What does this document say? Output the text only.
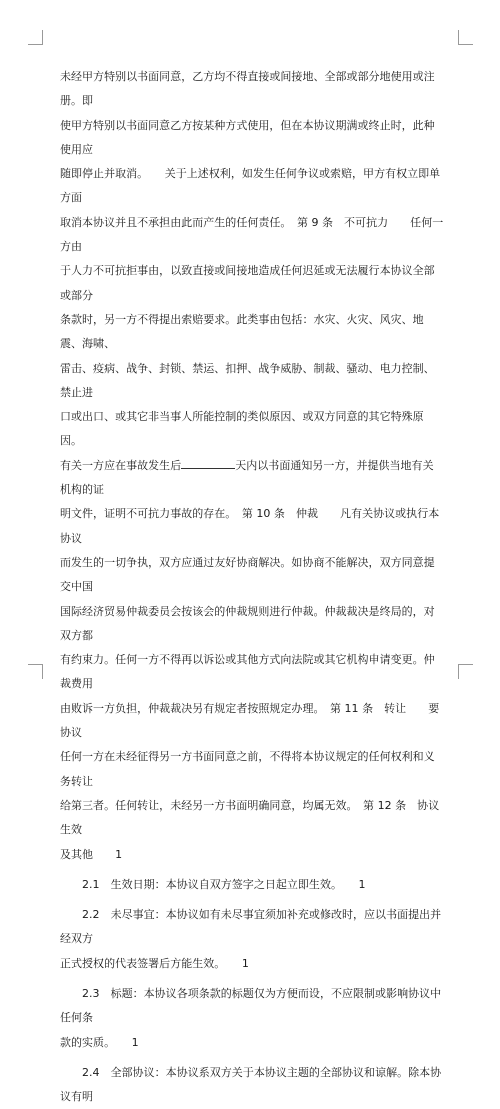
未经甲方特别以书面同意，乙方均不得直接或间接地、全部或部分地使用或注册。即
使甲方特别以书面同意乙方按某种方式使用，但在本协议期满或终止时，此种使用应
随即停止并取消。　　关于上述权利，如发生任何争议或索赔，甲方有权立即单方面
取消本协议并且不承担由此而产生的任何责任。　第 9 条　不可抗力　　任何一方由
于人力不可抗拒事由，以致直接或间接地造成任何迟延或无法履行本协议全部或部分
条款时，另一方不得提出索赔要求。此类事由包括：水灾、火灾、风灾、地震、海啸、
雷击、疫病、战争、封锁、禁运、扣押、战争威胁、制裁、骚动、电力控制、禁止进
口或出口、或其它非当事人所能控制的类似原因、或双方同意的其它特殊原因。
有关一方应在事故发生后	天内以书面通知另一方，并提供当地有关机构的证
明文件，证明不可抗力事故的存在。　第 10 条　仲裁　　凡有关协议或执行本协议
而发生的一切争执，双方应通过友好协商解决。如协商不能解决，双方同意提交中国
国际经济贸易仲裁委员会按该会的仲裁规则进行仲裁。仲裁裁决是终局的，对双方都
有约束力。任何一方不得再以诉讼或其他方式向法院或其它机构申请变更。仲裁费用
由败诉一方负担，仲裁裁决另有规定者按照规定办理。　第 11 条　转让　　要协议
任何一方在未经征得另一方书面同意之前，不得将本协议规定的任何权利和义务转让
给第三者。任何转让，未经另一方书面明确同意，均属无效。　第 12 条　协议生效
及其他　　1
2.1　生效日期：本协议自双方签字之日起立即生效。　　1
2.2　未尽事宜：本协议如有未尽事宜须加补充或修改时，应以书面提出并经双方
正式授权的代表签署后方能生效。　　1
2.3　标题：本协议各项条款的标题仅为方便而设，不应限制或影响协议中任何条
款的实质。　　1
2.4　全部协议：本协议系双方关于本协议主题的全部协议和谅解。除本协议有明
